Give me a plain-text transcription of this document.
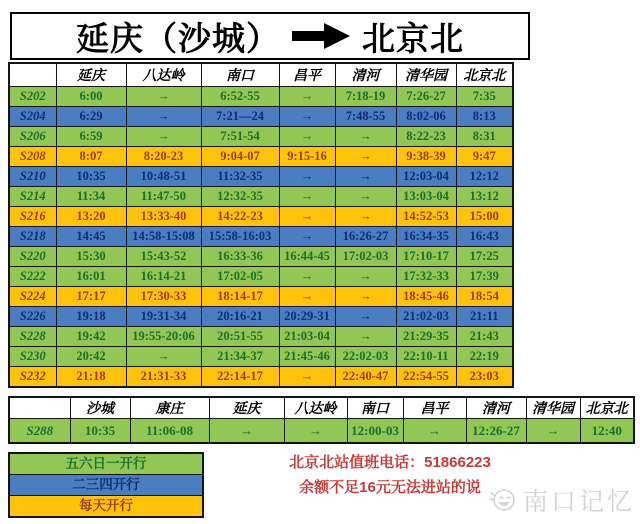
延庆（沙城） 北京北
	延庆	八达岭	南口	昌平	清河	清华园	北京北
S202	6:00	→	6:52-55	→	7:18-19	7:26-27	7:35
S204	6:29	→	7:21—24	→	7:48-55	8:02-06	8:13
S206	6:59	→	7:51-54	→	→	8:22-23	8:31
S208	8:07	8:20-23	9:04-07	9:15-16	→	9:38-39	9:47
S210	10:35	10:48-51	11:32-35	→	→	12:03-04	12:12
S214	11:34	11:47-50	12:32-35	→	→	13:03-04	13:12
S216	13:20	13:33-40	14:22-23	→	→	14:52-53	15:00
S218	14:45	14:58-15:08	15:58-16:03	→	16:26-27	16:34-35	16:43
S220	15:30	15:43-52	16:33-36	16:44-45	17:02-03	17:10-17	17:25
S222	16:01	16:14-21	17:02-05	→	→	17:32-33	17:39
S224	17:17	17:30-33	18:14-17	→	→	18:45-46	18:54
S226	19:18	19:31-34	20:16-21	20:29-31	→	21:02-03	21:11
S228	19:42	19:55-20:06	20:51-55	21:03-04	→	21:29-35	21:43
S230	20:42	→	21:34-37	21:45-46	22:02-03	22:10-11	22:19
S232	21:18	21:31-33	22:14-17	→	22:40-47	22:54-55	23:03
	沙城	康庄	延庆	八达岭	南口	昌平	清河	清华园	北京北
S288	10:35	11:06-08	→	→	12:00-03	→	12:26-27	→	12:40
五六日一开行
二三四开行
每天开行
北京北站值班电话：51866223
余额不足16元无法进站的说
南口记忆
